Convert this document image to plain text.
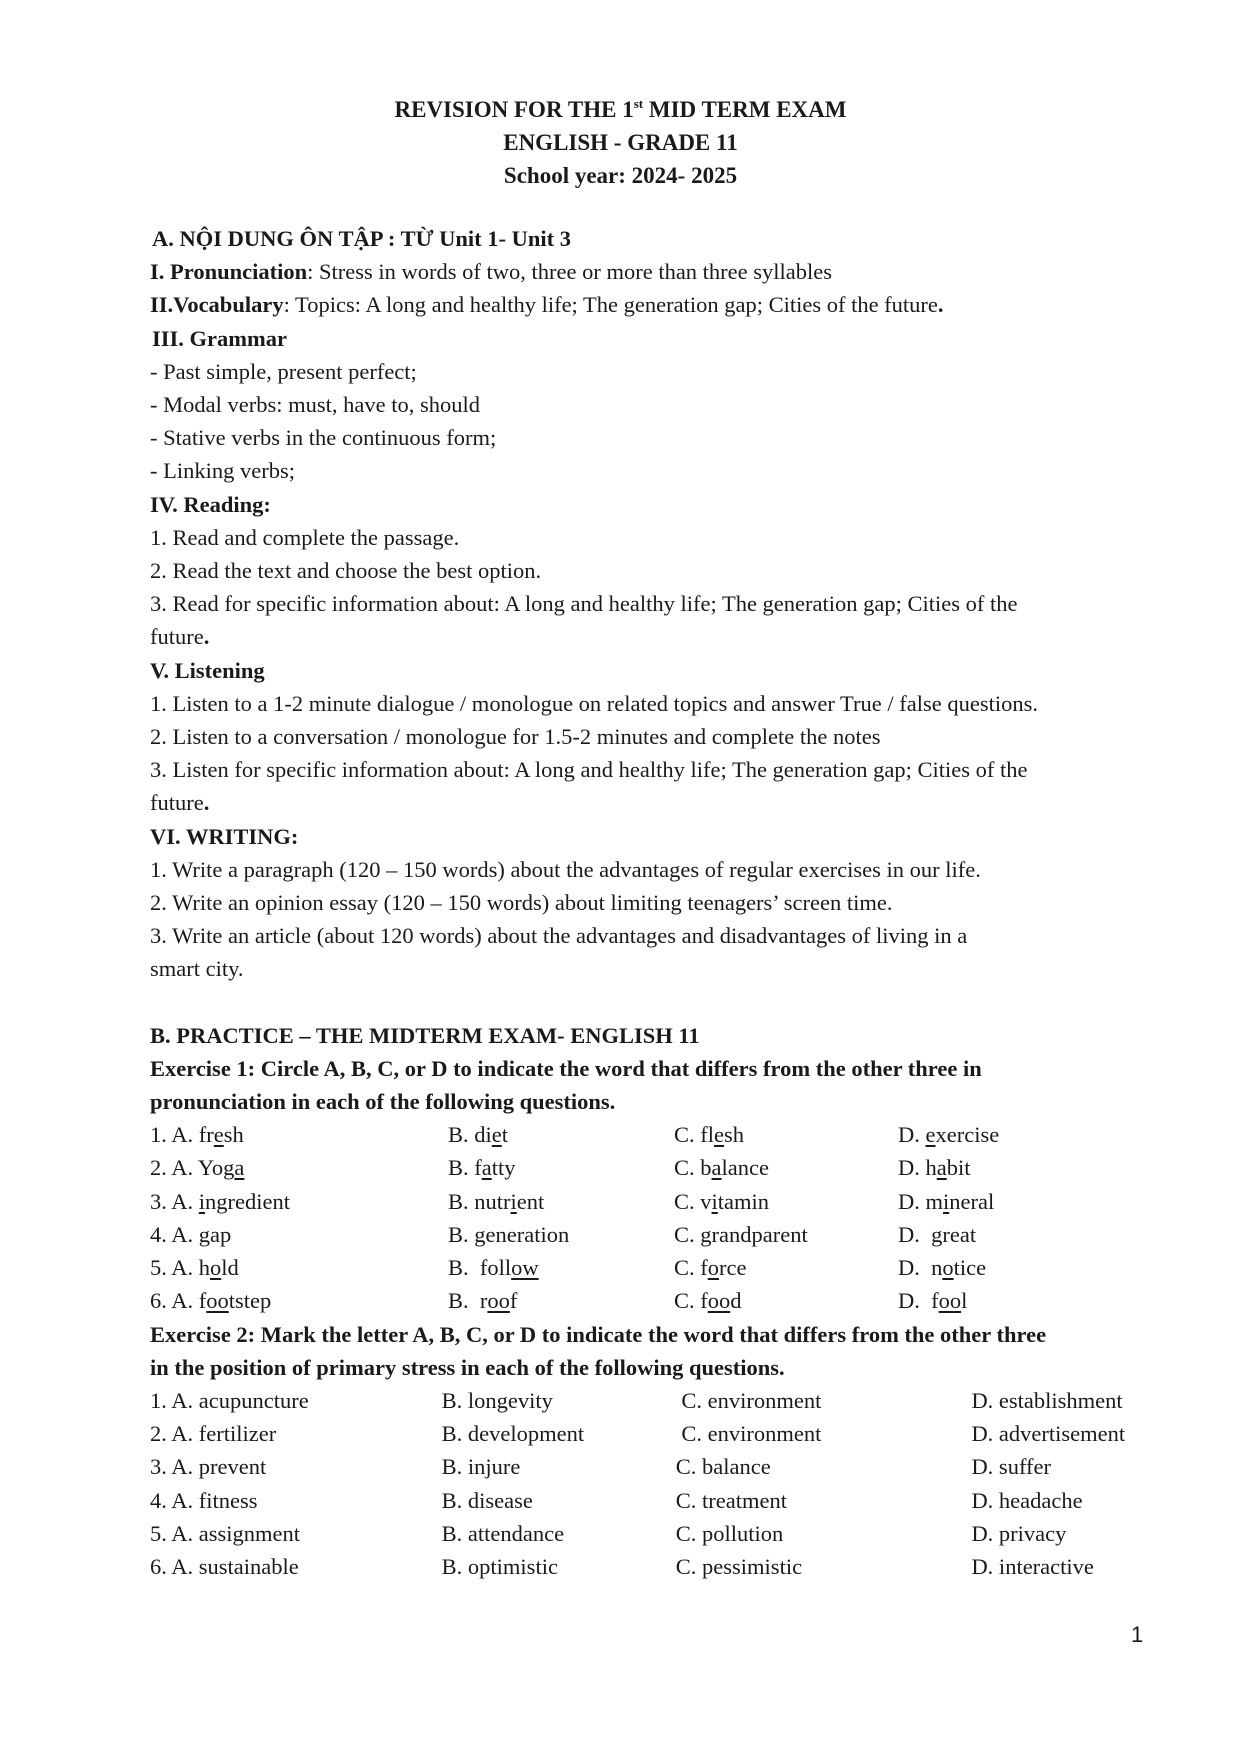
REVISION FOR THE 1st MID TERM EXAM
ENGLISH - GRADE 11
School year: 2024- 2025
A. NỘI DUNG ÔN TẬP : TỪ Unit 1- Unit 3
I. Pronunciation: Stress in words of two, three or more than three syllables
II.Vocabulary: Topics: A long and healthy life; The generation gap; Cities of the future.
III. Grammar
- Past simple, present perfect;
- Modal verbs: must, have to, should
- Stative verbs in the continuous form;
- Linking verbs;
IV. Reading:
1. Read and complete the passage.
2. Read the text and choose the best option.
3. Read for specific information about: A long and healthy life; The generation gap; Cities of the
future.
V. Listening
1. Listen to a 1-2 minute dialogue / monologue on related topics and answer True / false questions.
2. Listen to a conversation / monologue for 1.5-2 minutes and complete the notes
3. Listen for specific information about: A long and healthy life; The generation gap; Cities of the
future.
VI. WRITING:
1. Write a paragraph (120 – 150 words) about the advantages of regular exercises in our life.
2. Write an opinion essay (120 – 150 words) about limiting teenagers’ screen time.
3. Write an article (about 120 words) about the advantages and disadvantages of living in a
smart city.
B. PRACTICE – THE MIDTERM EXAM- ENGLISH 11
Exercise 1: Circle A, B, C, or D to indicate the word that differs from the other three in
pronunciation in each of the following questions.
1. A. fresh	B. diet	C. flesh	D. exercise
2. A. Yoga	B. fatty	C. balance	D. habit
3. A. ingredient	B. nutrient	C. vitamin	D. mineral
4. A. gap	B. generation	C. grandparent	D.  great
5. A. hold	B.  follow	C. force	D.  notice
6. A. footstep	B.  roof	C. food	D.  fool
Exercise 2: Mark the letter A, B, C, or D to indicate the word that differs from the other three
in the position of primary stress in each of the following questions.
1. A. acupuncture	B. longevity	C. environment	D. establishment
2. A. fertilizer	B. development	C. environment	D. advertisement
3. A. prevent	B. injure	C. balance	D. suffer
4. A. fitness	B. disease	C. treatment	D. headache
5. A. assignment	B. attendance	C. pollution	D. privacy
6. A. sustainable	B. optimistic	C. pessimistic	D. interactive
1
